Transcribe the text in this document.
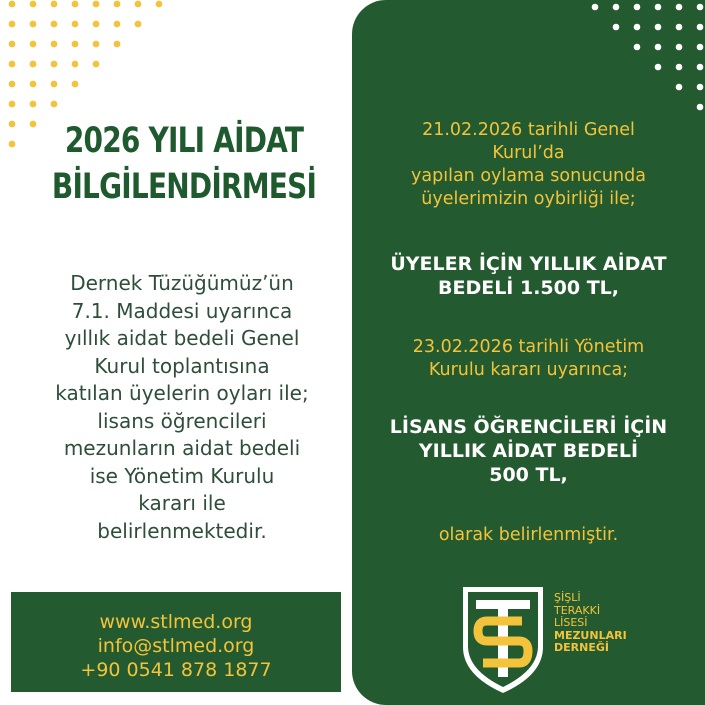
2026 YILI AİDAT
BİLGİLENDİRMESİ
Dernek Tüzüğümüz’ün
7.1. Maddesi uyarınca
yıllık aidat bedeli Genel
Kurul toplantısına
katılan üyelerin oyları ile;
lisans öğrencileri
mezunların aidat bedeli
ise Yönetim Kurulu
kararı ile
belirlenmektedir.
www.stlmed.org
info@stlmed.org
+90 0541 878 1877
21.02.2026 tarihli Genel
Kurul’da
yapılan oylama sonucunda
üyelerimizin oybirliği ile;
ÜYELER İÇİN YILLIK AİDAT
BEDELİ 1.500 TL,
23.02.2026 tarihli Yönetim
Kurulu kararı uyarınca;
LİSANS ÖĞRENCİLERİ İÇİN
YILLIK AİDAT BEDELİ
500 TL,
olarak belirlenmiştir.
ŞİŞLİ
TERAKKİ
LİSESİ
MEZUNLARI
DERNEĞİ
